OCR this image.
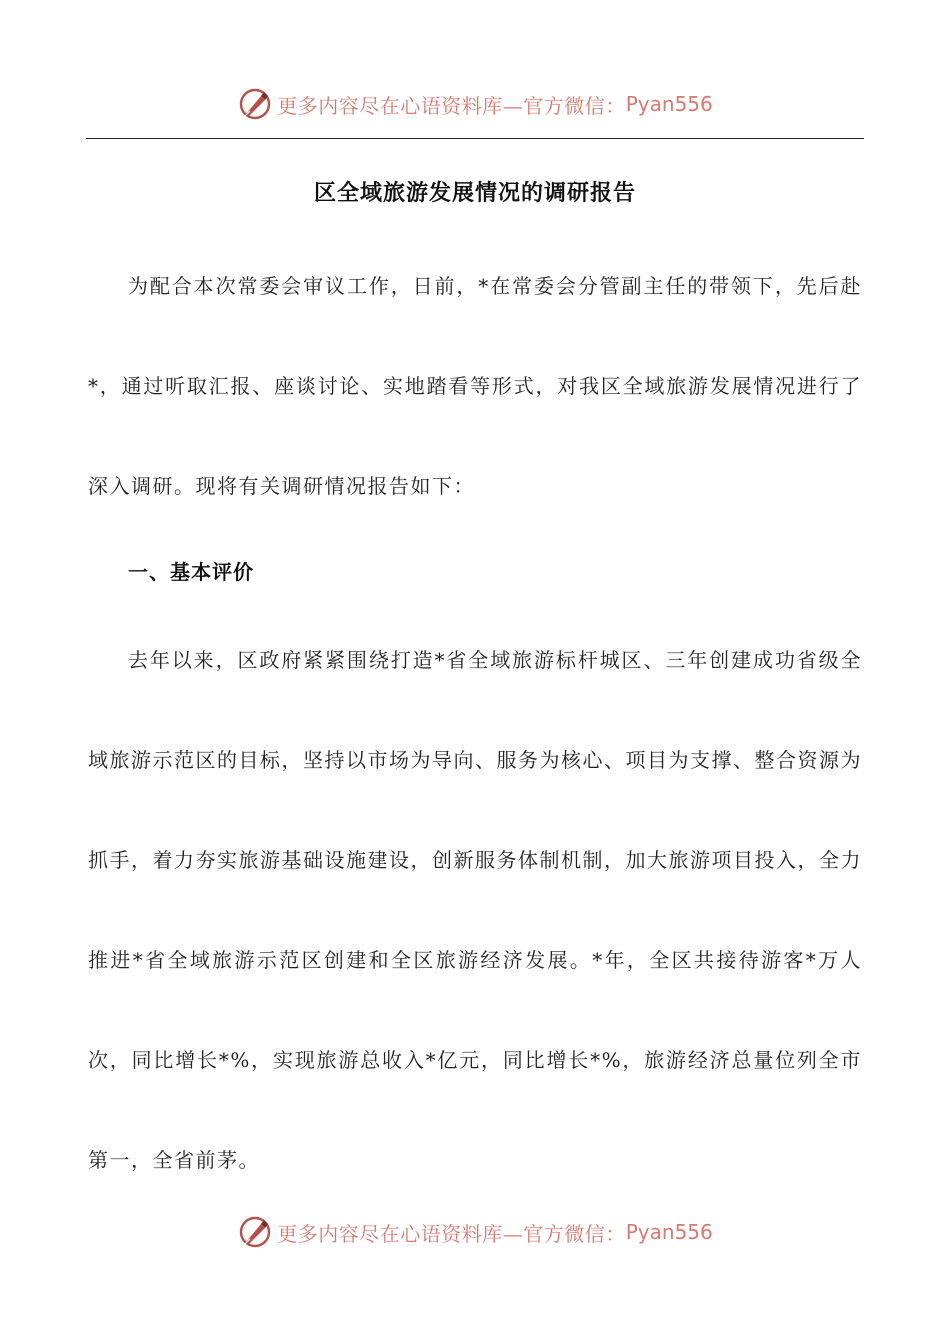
更多内容尽在心语资料库—官方微信： Pyan556
区全域旅游发展情况的调研报告

为配合本次常委会审议工作，日前，*在常委会分管副主任的带领下，先后赴*，通过听取汇报、座谈讨论、实地踏看等形式，对我区全域旅游发展情况进行了深入调研。现将有关调研情况报告如下：

一、基本评价

去年以来，区政府紧紧围绕打造*省全域旅游标杆城区、三年创建成功省级全域旅游示范区的目标，坚持以市场为导向、服务为核心、项目为支撑、整合资源为抓手，着力夯实旅游基础设施建设，创新服务体制机制，加大旅游项目投入，全力推进*省全域旅游示范区创建和全区旅游经济发展。*年，全区共接待游客*万人次，同比增长*%，实现旅游总收入*亿元，同比增长*%，旅游经济总量位列全市第一，全省前茅。

更多内容尽在心语资料库—官方微信： Pyan556
